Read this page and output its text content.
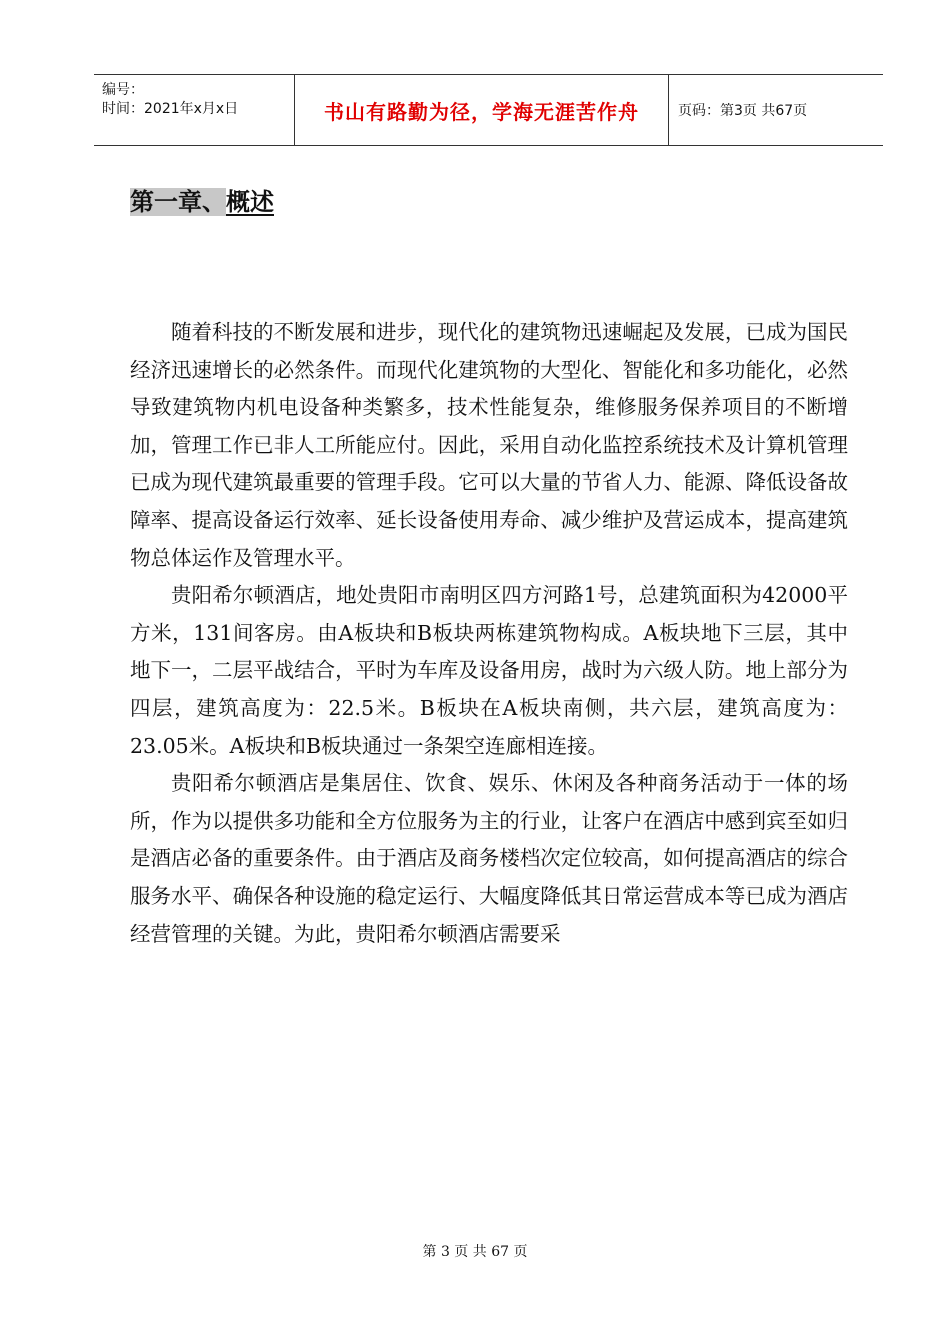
编号：
时间：2021年x月x日	书山有路勤为径，学海无涯苦作舟	页码：第3页 共67页
第一章、概述

随着科技的不断发展和进步，现代化的建筑物迅速崛起及发展，已成为国民经济迅速增长的必然条件。而现代化建筑物的大型化、智能化和多功能化，必然导致建筑物内机电设备种类繁多，技术性能复杂，维修服务保养项目的不断增加，管理工作已非人工所能应付。因此，采用自动化监控系统技术及计算机管理已成为现代建筑最重要的管理手段。它可以大量的节省人力、能源、降低设备故障率、提高设备运行效率、延长设备使用寿命、减少维护及营运成本，提高建筑物总体运作及管理水平。

贵阳希尔顿酒店，地处贵阳市南明区四方河路1号，总建筑面积为42000平方米，131间客房。由A板块和B板块两栋建筑物构成。A板块地下三层，其中地下一，二层平战结合，平时为车库及设备用房，战时为六级人防。地上部分为四层，建筑高度为：22.5米。B板块在A板块南侧，共六层，建筑高度为：23.05米。A板块和B板块通过一条架空连廊相连接。

贵阳希尔顿酒店是集居住、饮食、娱乐、休闲及各种商务活动于一体的场所，作为以提供多功能和全方位服务为主的行业，让客户在酒店中感到宾至如归是酒店必备的重要条件。由于酒店及商务楼档次定位较高，如何提高酒店的综合服务水平、确保各种设施的稳定运行、大幅度降低其日常运营成本等已成为酒店经营管理的关键。为此，贵阳希尔顿酒店需要采

第 3 页 共 67 页
